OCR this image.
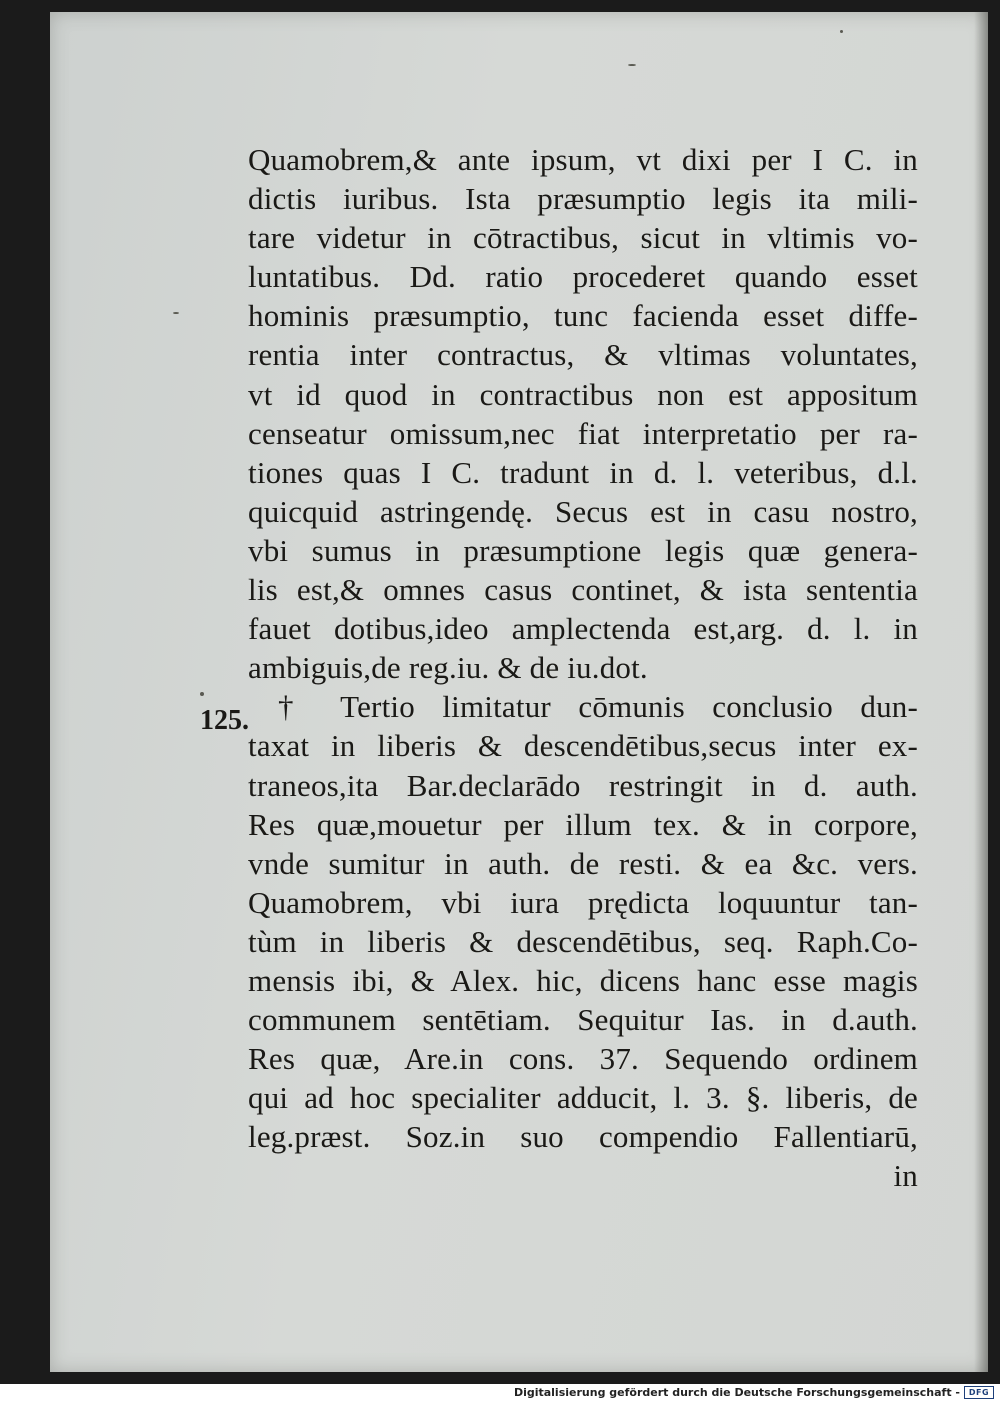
125.
Quamobrem,& ante ipsum, vt dixi per I C. in
dictis iuribus. Ista præsumptio legis ita mili-
tare videtur in cōtractibus, sicut in vltimis vo-
luntatibus. Dd. ratio procederet quando esset
hominis præsumptio, tunc facienda esset diffe-
rentia inter contractus, & vltimas voluntates,
vt id quod in contractibus non est appositum
censeatur omissum,nec fiat interpretatio per ra-
tiones quas I C. tradunt in d. l. veteribus, d.l.
quicquid astringendę. Secus est in casu nostro,
vbi sumus in præsumptione legis quæ genera-
lis est,& omnes casus continet, & ista sententia
fauet dotibus,ideo amplectenda est,arg. d. l. in
ambiguis,de reg.iu. & de iu.dot.
† Tertio limitatur cōmunis conclusio dun-
taxat in liberis & descendētibus,secus inter ex-
traneos,ita Bar.declarādo restringit in d. auth.
Res quæ,mouetur per illum tex. & in corpore,
vnde sumitur in auth. de resti. & ea &c. vers.
Quamobrem, vbi iura prędicta loquuntur tan-
tùm in liberis & descendētibus, seq. Raph.Co-
mensis ibi, & Alex. hic, dicens hanc esse magis
communem sentētiam. Sequitur Ias. in d.auth.
Res quæ, Are.in cons. 37. Sequendo ordinem
qui ad hoc specialiter adducit, l. 3. §. liberis, de
leg.præst. Soz.in suo compendio Fallentiarū,
in
Digitalisierung gefördert durch die Deutsche Forschungsgemeinschaft -	DFG
